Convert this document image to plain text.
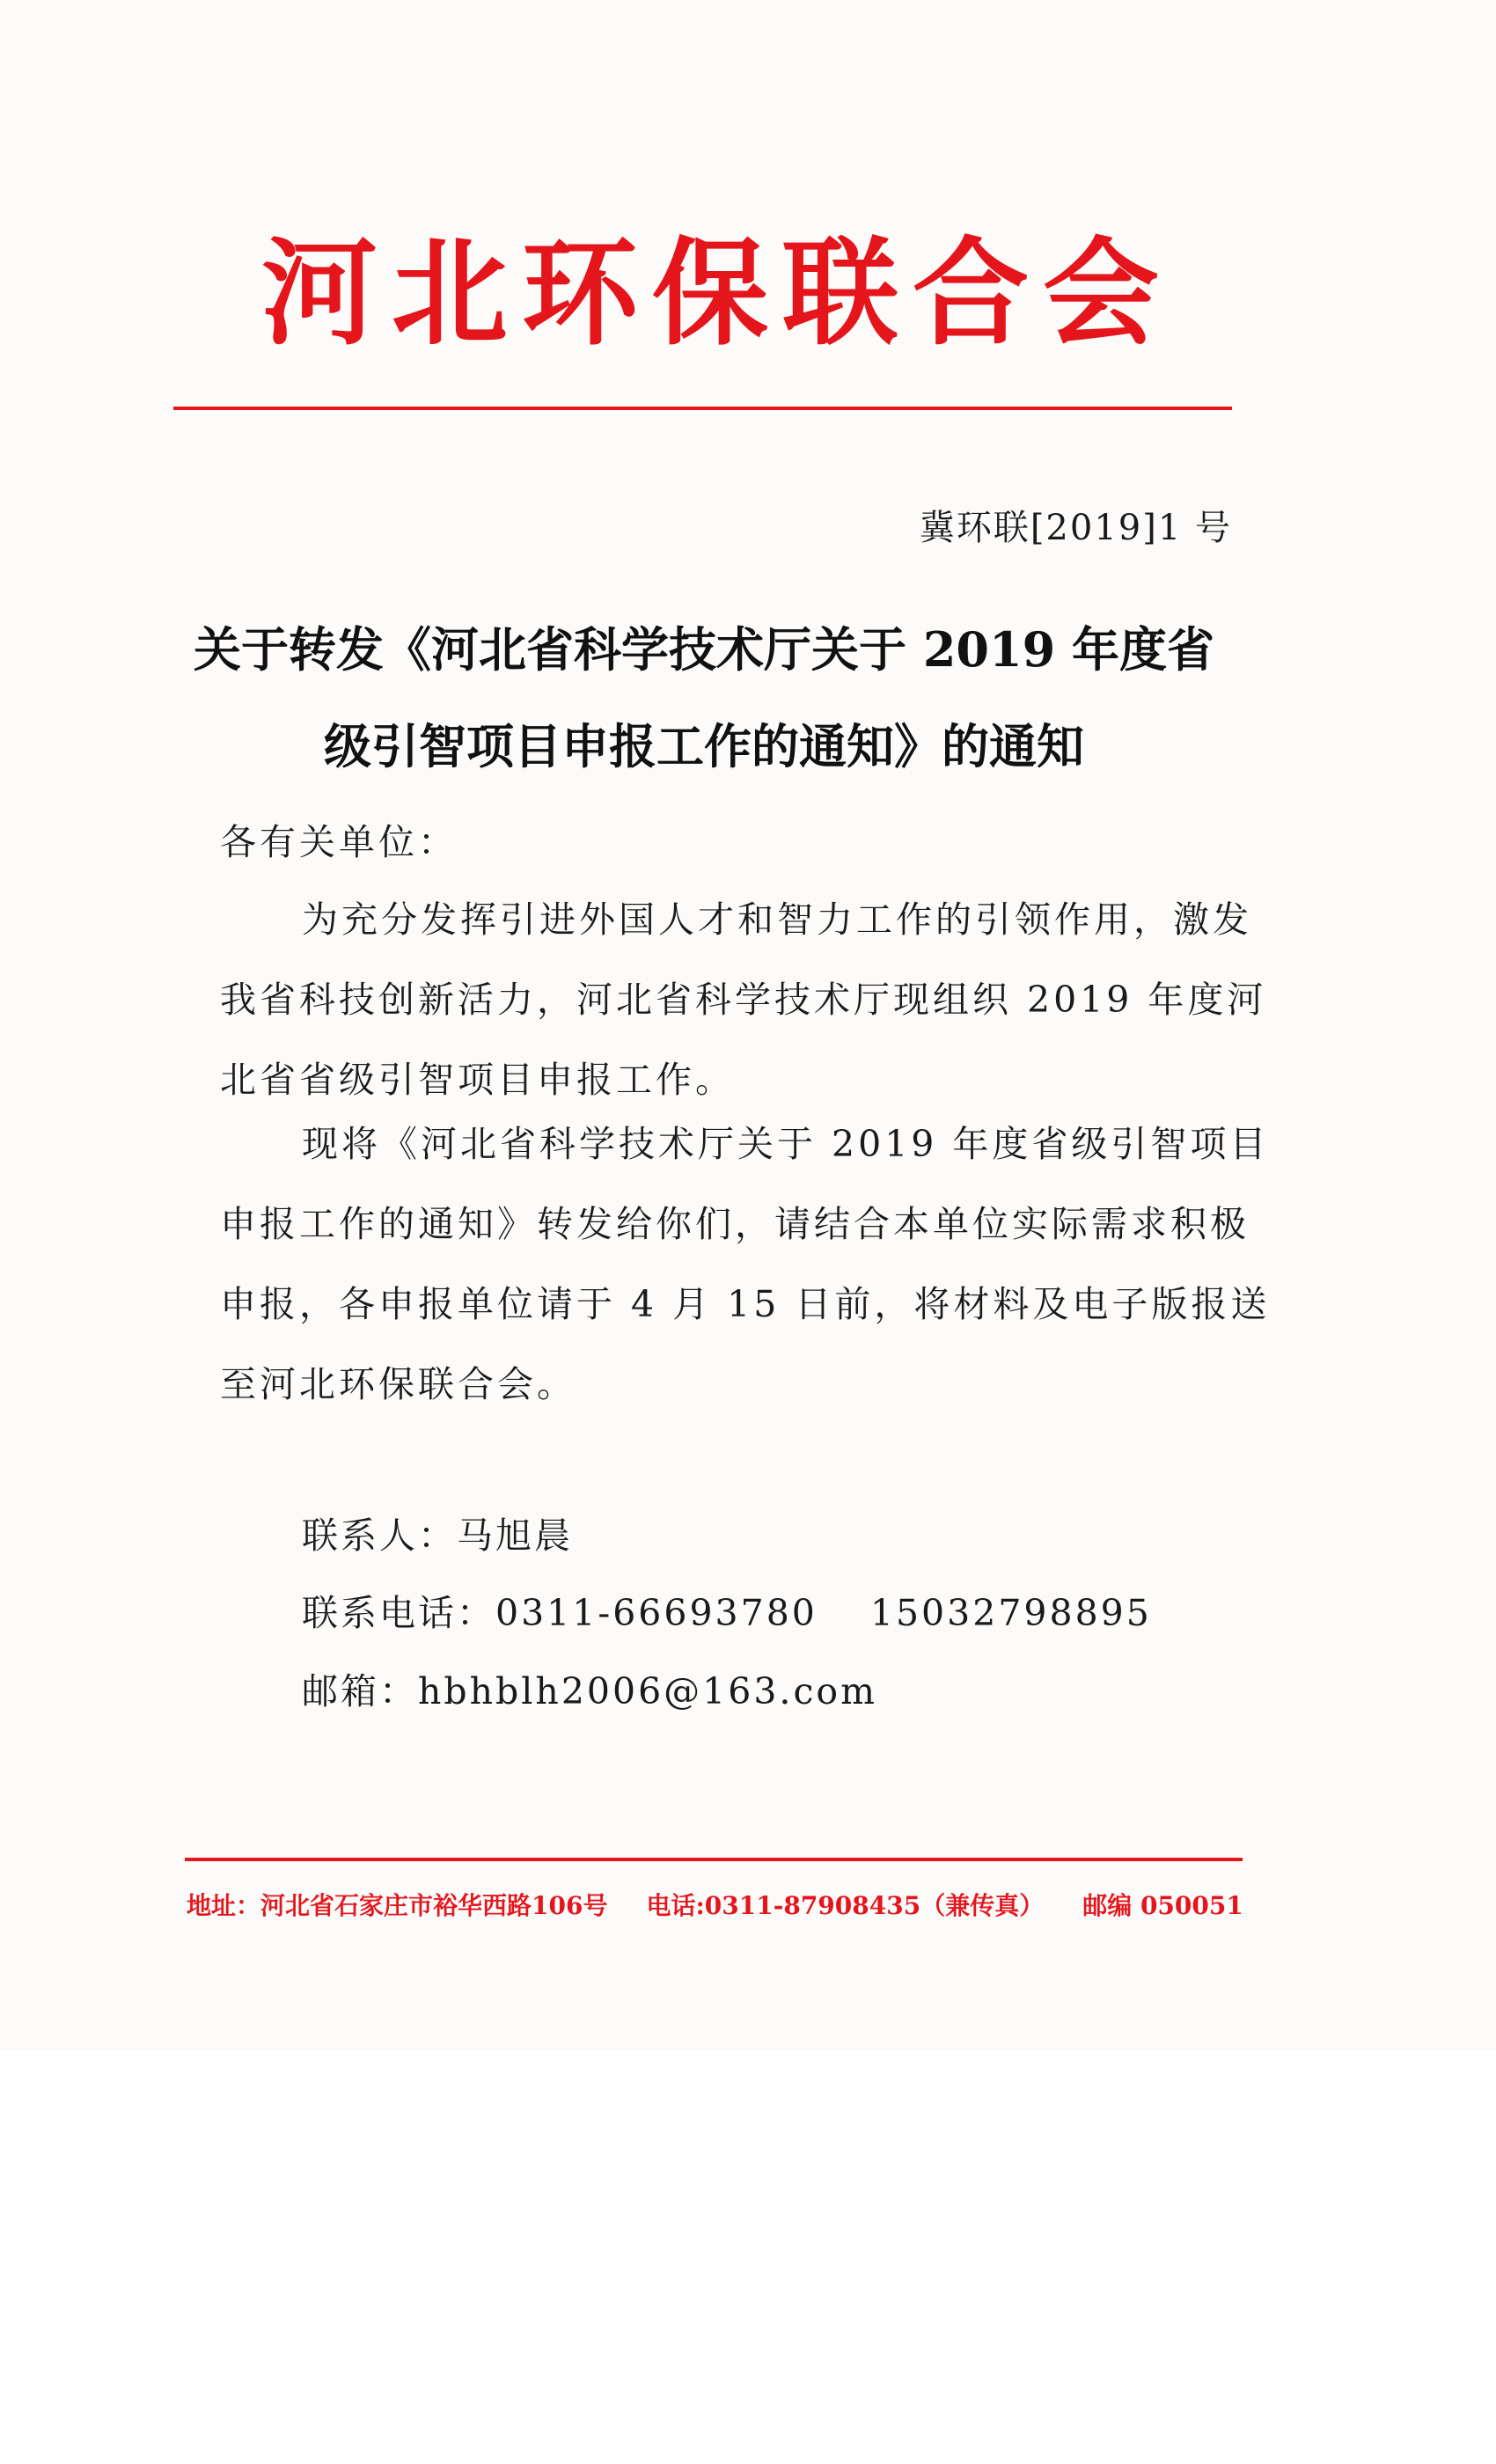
河北环保联合会
冀环联[2019]1 号
关于转发《河北省科学技术厅关于 2019 年度省
级引智项目申报工作的通知》的通知
各有关单位：
为充分发挥引进外国人才和智力工作的引领作用，激发
我省科技创新活力，河北省科学技术厅现组织 2019 年度河
北省省级引智项目申报工作。
现将《河北省科学技术厅关于 2019 年度省级引智项目
申报工作的通知》转发给你们，请结合本单位实际需求积极
申报，各申报单位请于 4 月 15 日前，将材料及电子版报送
至河北环保联合会。
联系人：马旭晨
联系电话：0311-66693780 15032798895
邮箱：hbhblh2006@163.com
地址：河北省石家庄市裕华西路106号 电话:0311-87908435（兼传真） 邮编 050051
